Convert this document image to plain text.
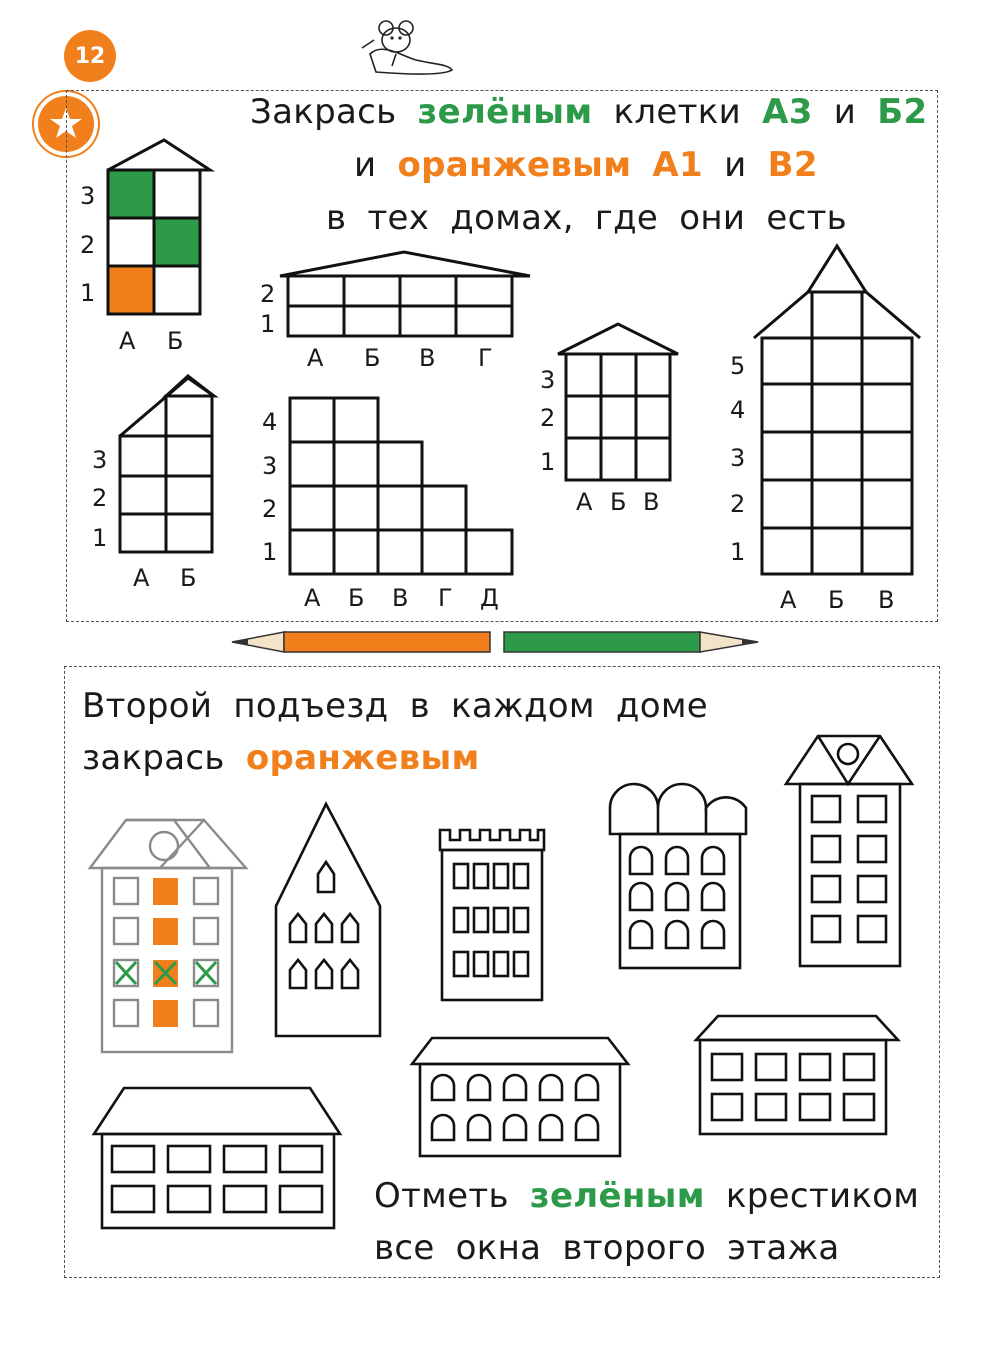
12
Закрась зелёным клетки А3 и Б2
и оранжевым А1 и В2
в тех домах, где они есть
3
2
1
А Б
2
1
А Б В Г
3
2
1
А Б
4
3
2
1
А Б В Г Д
3
2
1
А Б В
5
4
3
2
1
А Б В
Второй подъезд в каждом доме
закрась оранжевым
Отметь зелёным крестиком
все окна второго этажа
